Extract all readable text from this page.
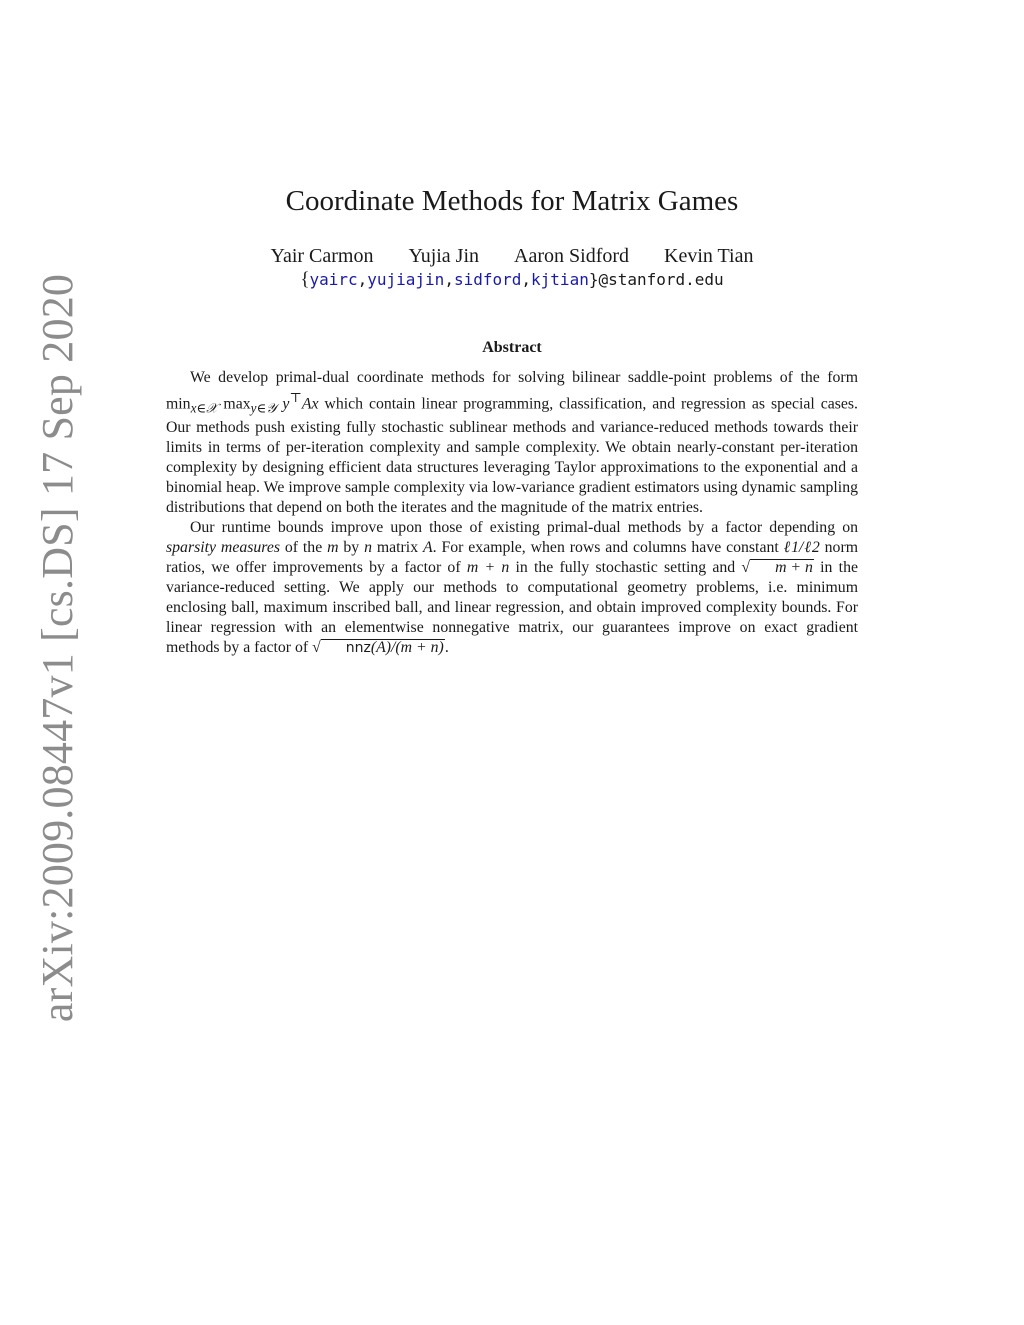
arXiv:2009.08447v1 [cs.DS] 17 Sep 2020
Coordinate Methods for Matrix Games
Yair Carmon Yujia Jin Aaron Sidford Kevin Tian
{yairc,yujiajin,sidford,kjtian}@stanford.edu
Abstract

We develop primal-dual coordinate methods for solving bilinear saddle-point problems of the form $\min_{x\in 𝒳} \max_{y\in 𝒴} y^⊤Ax$ which contain linear programming, classification, and regression as special cases. Our methods push existing fully stochastic sublinear methods and variance-reduced methods towards their limits in terms of per-iteration complexity and sample complexity. We obtain nearly-constant per-iteration complexity by designing efficient data structures leveraging Taylor approximations to the exponential and a binomial heap. We improve sample complexity via low-variance gradient estimators using dynamic sampling distributions that depend on both the iterates and the magnitude of the matrix entries.

Our runtime bounds improve upon those of existing primal-dual methods by a factor depending on sparsity measures of the m by n matrix A. For example, when rows and columns have constant ℓ1/ℓ2 norm ratios, we offer improvements by a factor of m + n in the fully stochastic setting and √ m + n in the variance-reduced setting. We apply our methods to computational geometry problems, i.e. minimum enclosing ball, maximum inscribed ball, and linear regression, and obtain improved complexity bounds. For linear regression with an elementwise nonnegative matrix, our guarantees improve on exact gradient methods by a factor of √ nnz(A)/(m + n).
